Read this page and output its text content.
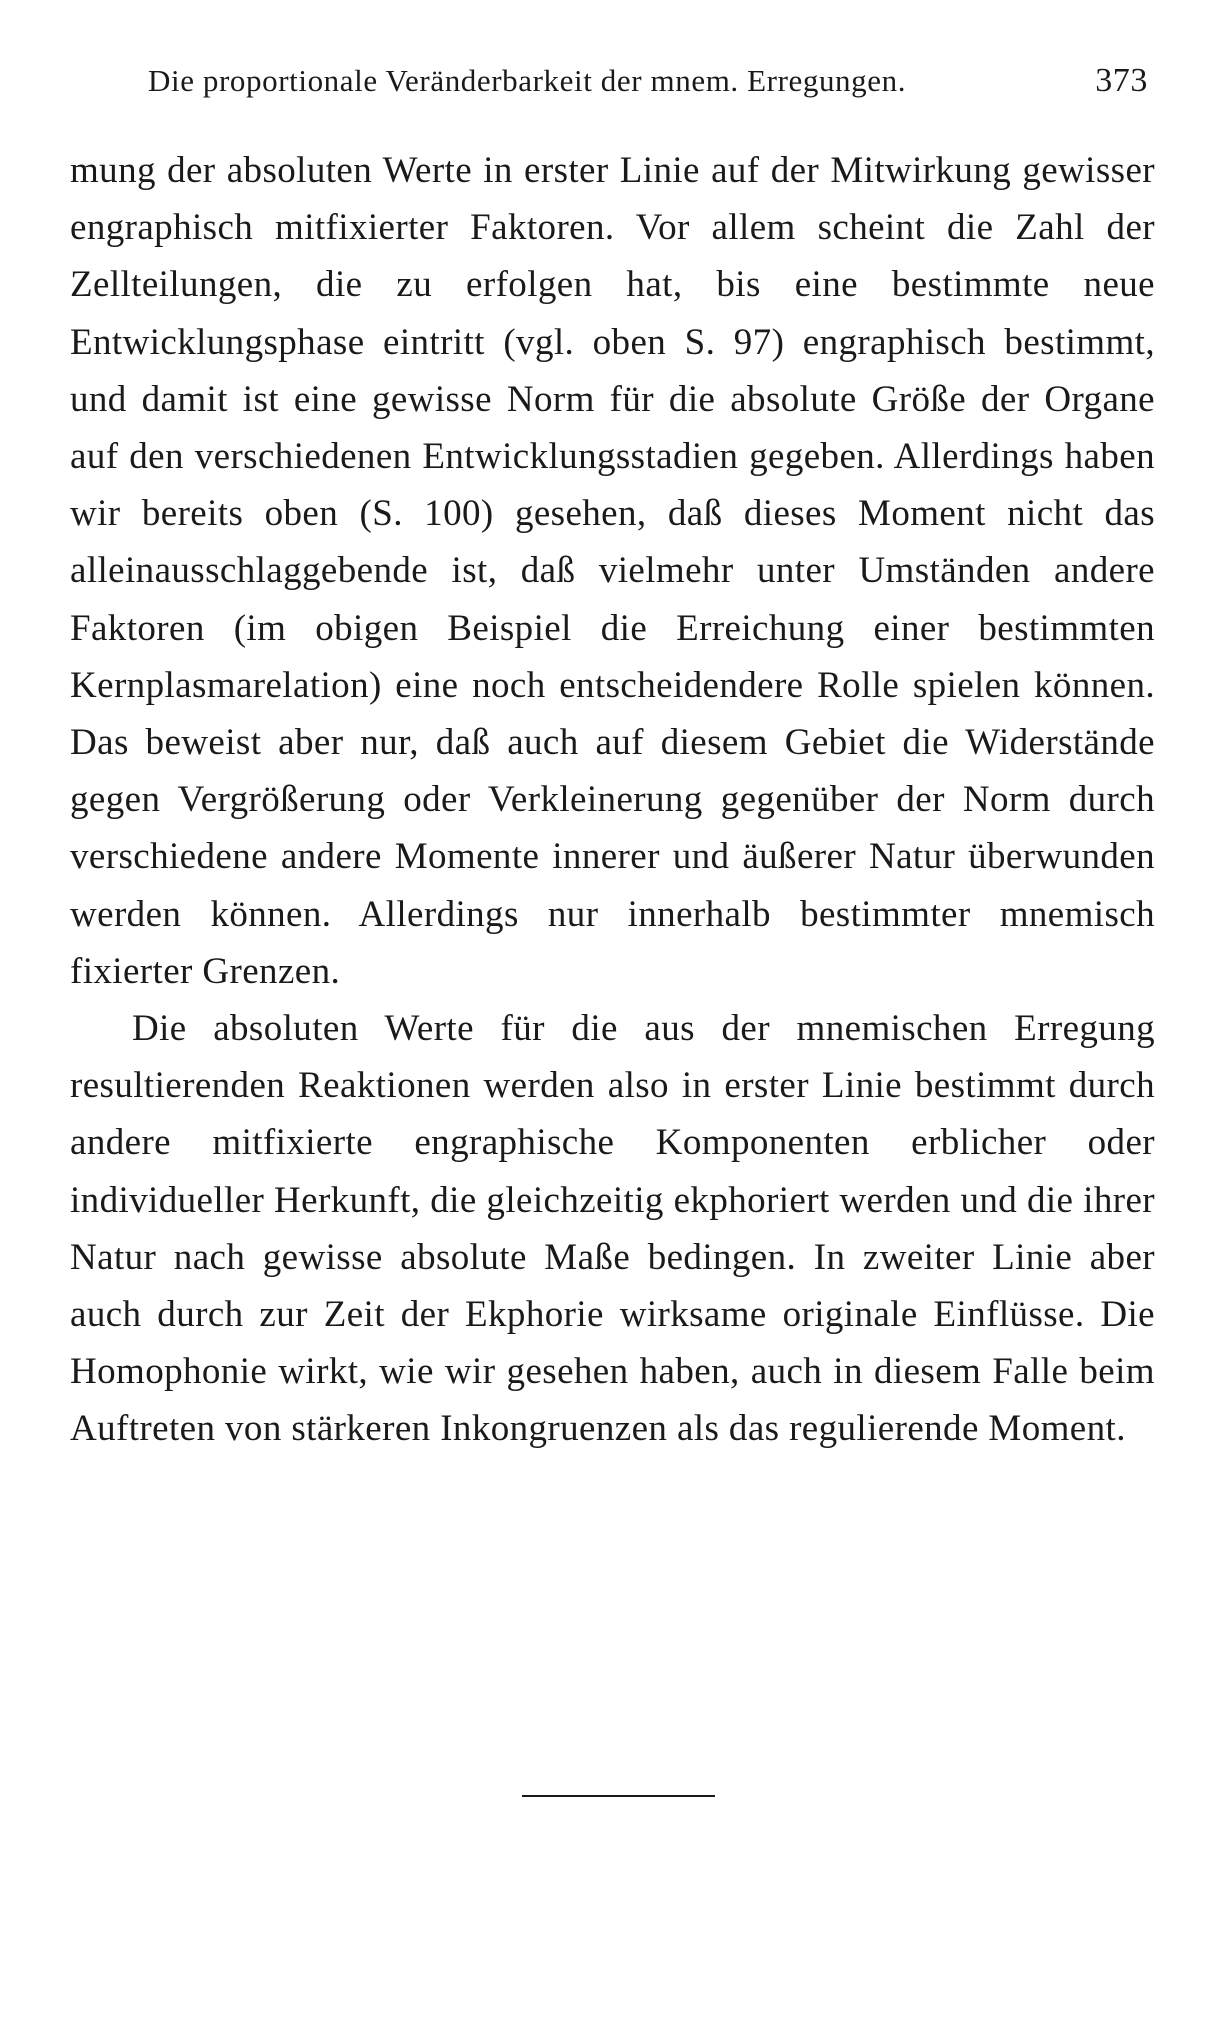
Die proportionale Veränderbarkeit der mnem. Erregungen.	373

mung der absoluten Werte in erster Linie auf der Mitwirkung gewisser engraphisch mitfixierter Faktoren. Vor allem scheint die Zahl der Zellteilungen, die zu erfolgen hat, bis eine bestimmte neue Entwicklungsphase eintritt (vgl. oben S. 97) engraphisch bestimmt, und damit ist eine gewisse Norm für die absolute Größe der Organe auf den verschiedenen Entwicklungsstadien gegeben. Allerdings haben wir bereits oben (S. 100) gesehen, daß dieses Moment nicht das alleinausschlaggebende ist, daß vielmehr unter Umständen andere Faktoren (im obigen Beispiel die Erreichung einer bestimmten Kernplasmarelation) eine noch entscheidendere Rolle spielen können. Das beweist aber nur, daß auch auf diesem Gebiet die Widerstände gegen Vergrößerung oder Verkleinerung gegenüber der Norm durch verschiedene andere Momente innerer und äußerer Natur überwunden werden können. Allerdings nur innerhalb bestimmter mnemisch fixierter Grenzen.

Die absoluten Werte für die aus der mnemischen Erregung resultierenden Reaktionen werden also in erster Linie bestimmt durch andere mitfixierte engraphische Komponenten erblicher oder individueller Herkunft, die gleichzeitig ekphoriert werden und die ihrer Natur nach gewisse absolute Maße bedingen. In zweiter Linie aber auch durch zur Zeit der Ekphorie wirksame originale Einflüsse. Die Homophonie wirkt, wie wir gesehen haben, auch in diesem Falle beim Auftreten von stärkeren Inkongruenzen als das regulierende Moment.
